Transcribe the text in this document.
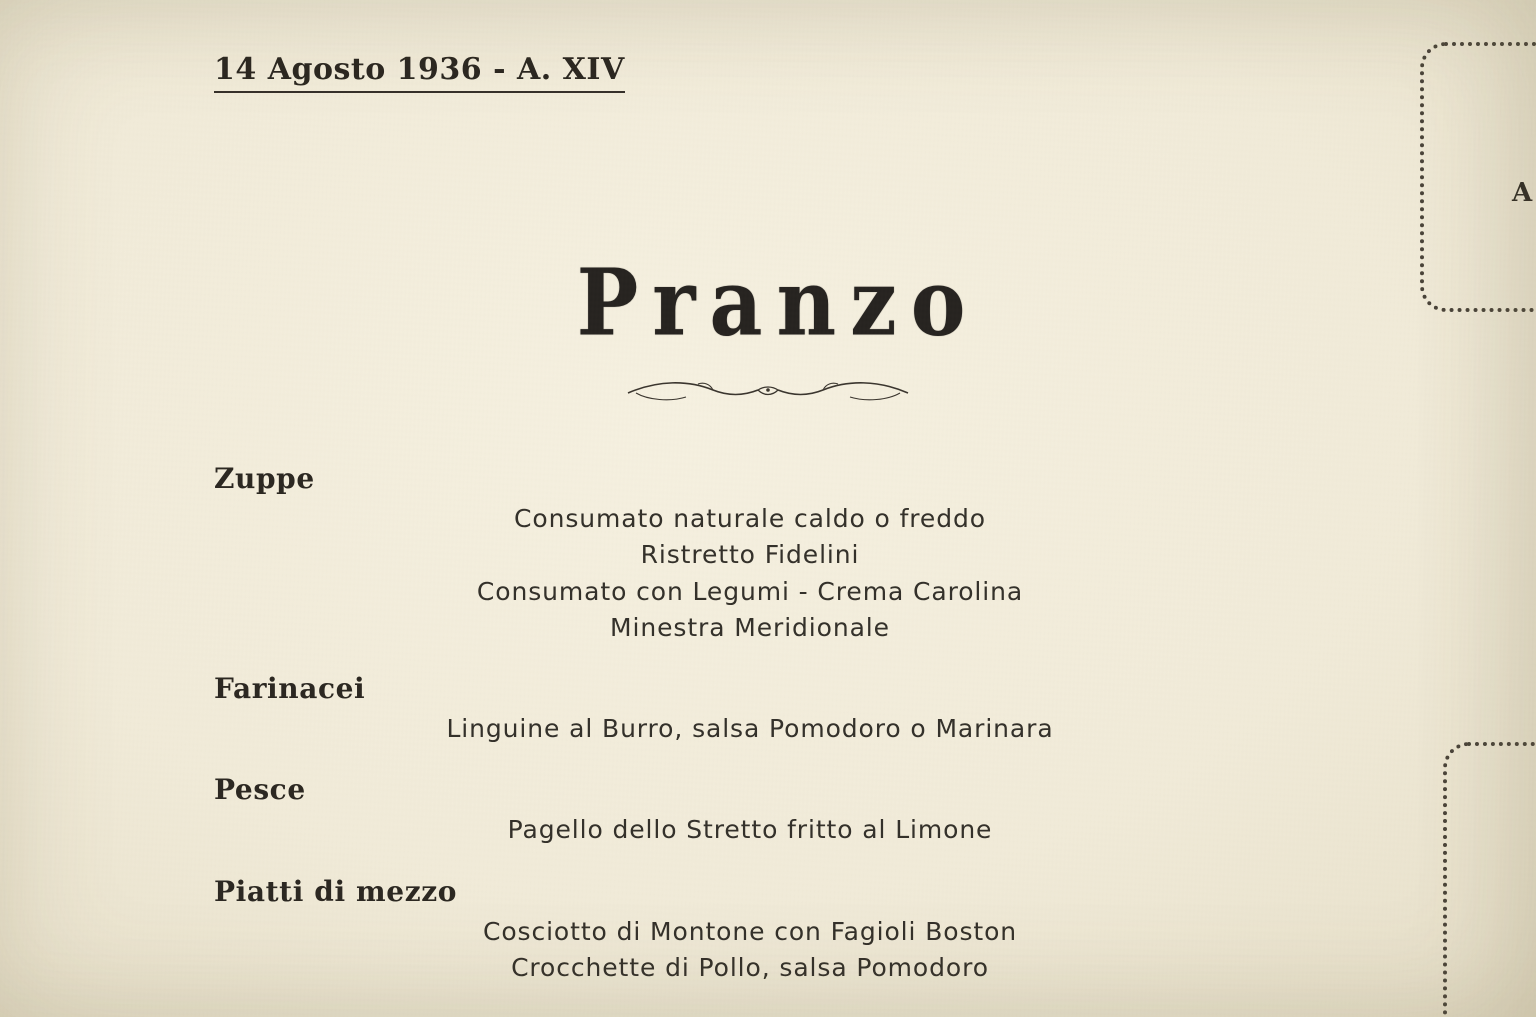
14 Agosto 1936 - A. XIV
Pranzo
Zuppe
Consumato naturale caldo o freddo
Ristretto Fidelini
Consumato con Legumi - Crema Carolina
Minestra Meridionale
Farinacei
Linguine al Burro, salsa Pomodoro o Marinara
Pesce
Pagello dello Stretto fritto al Limone
Piatti di mezzo
Cosciotto di Montone con Fagioli Boston
Crocchette di Pollo, salsa Pomodoro
A
